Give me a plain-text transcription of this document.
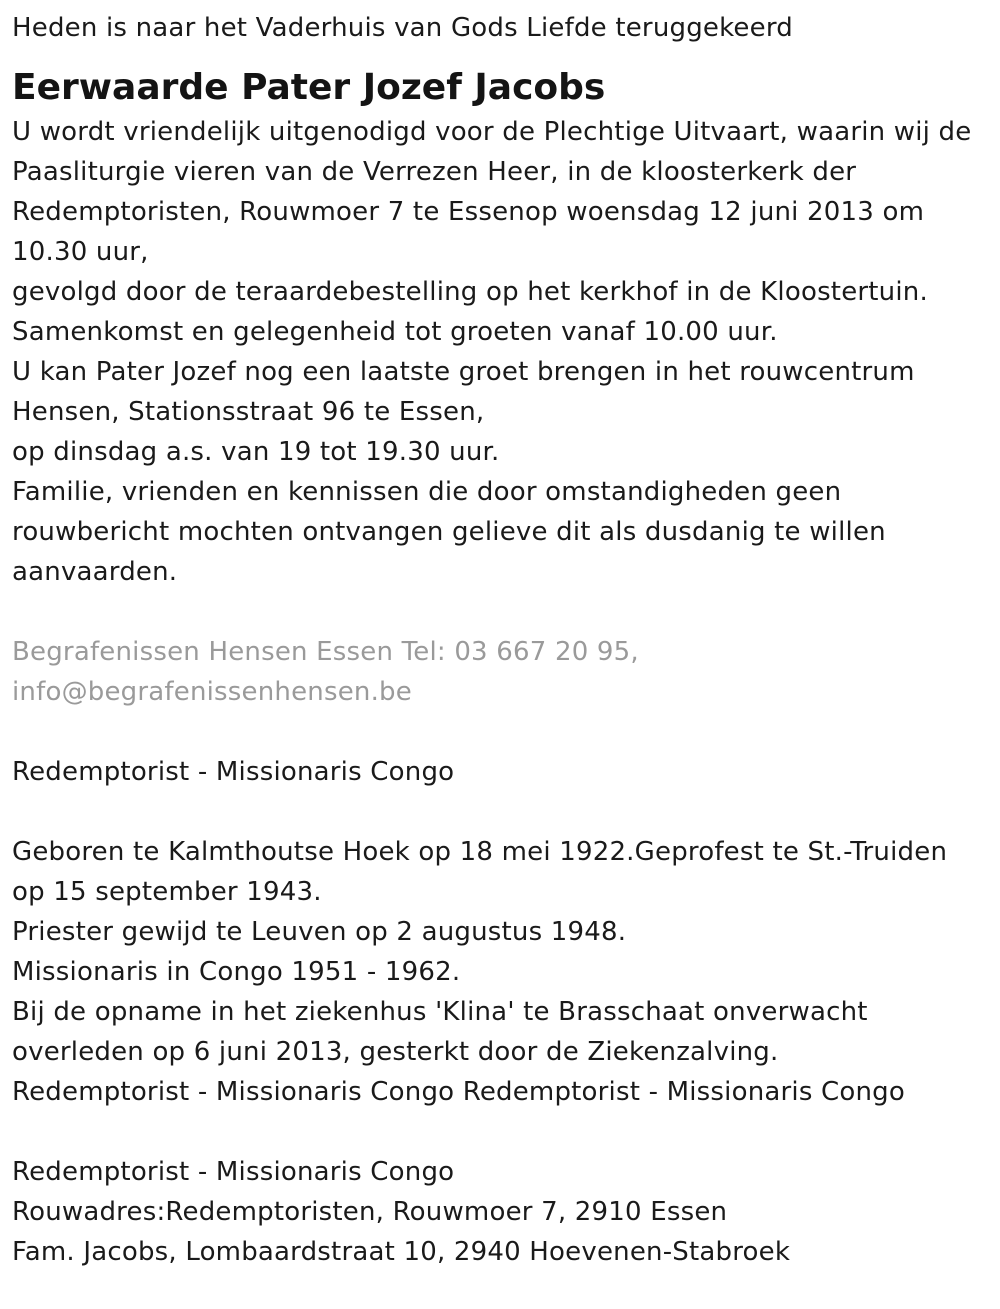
Heden is naar het Vaderhuis van Gods Liefde teruggekeerd
Eerwaarde Pater Jozef Jacobs
U wordt vriendelijk uitgenodigd voor de Plechtige Uitvaart, waarin wij de
Paasliturgie vieren van de Verrezen Heer, in de kloosterkerk der
Redemptoristen, Rouwmoer 7 te Essenop woensdag 12 juni 2013 om
10.30 uur,
gevolgd door de teraardebestelling op het kerkhof in de Kloostertuin.
Samenkomst en gelegenheid tot groeten vanaf 10.00 uur.
U kan Pater Jozef nog een laatste groet brengen in het rouwcentrum
Hensen, Stationsstraat 96 te Essen,
op dinsdag a.s. van 19 tot 19.30 uur.
Familie, vrienden en kennissen die door omstandigheden geen
rouwbericht mochten ontvangen gelieve dit als dusdanig te willen
aanvaarden.
Begrafenissen Hensen Essen Tel: 03 667 20 95,
info@begrafenissenhensen.be
Redemptorist - Missionaris Congo
Geboren te Kalmthoutse Hoek op 18 mei 1922.Geprofest te St.-Truiden
op 15 september 1943.
Priester gewijd te Leuven op 2 augustus 1948.
Missionaris in Congo 1951 - 1962.
Bij de opname in het ziekenhus 'Klina' te Brasschaat onverwacht
overleden op 6 juni 2013, gesterkt door de Ziekenzalving.
Redemptorist - Missionaris Congo Redemptorist - Missionaris Congo
Redemptorist - Missionaris Congo
Rouwadres:Redemptoristen, Rouwmoer 7, 2910 Essen
Fam. Jacobs, Lombaardstraat 10, 2940 Hoevenen-Stabroek
